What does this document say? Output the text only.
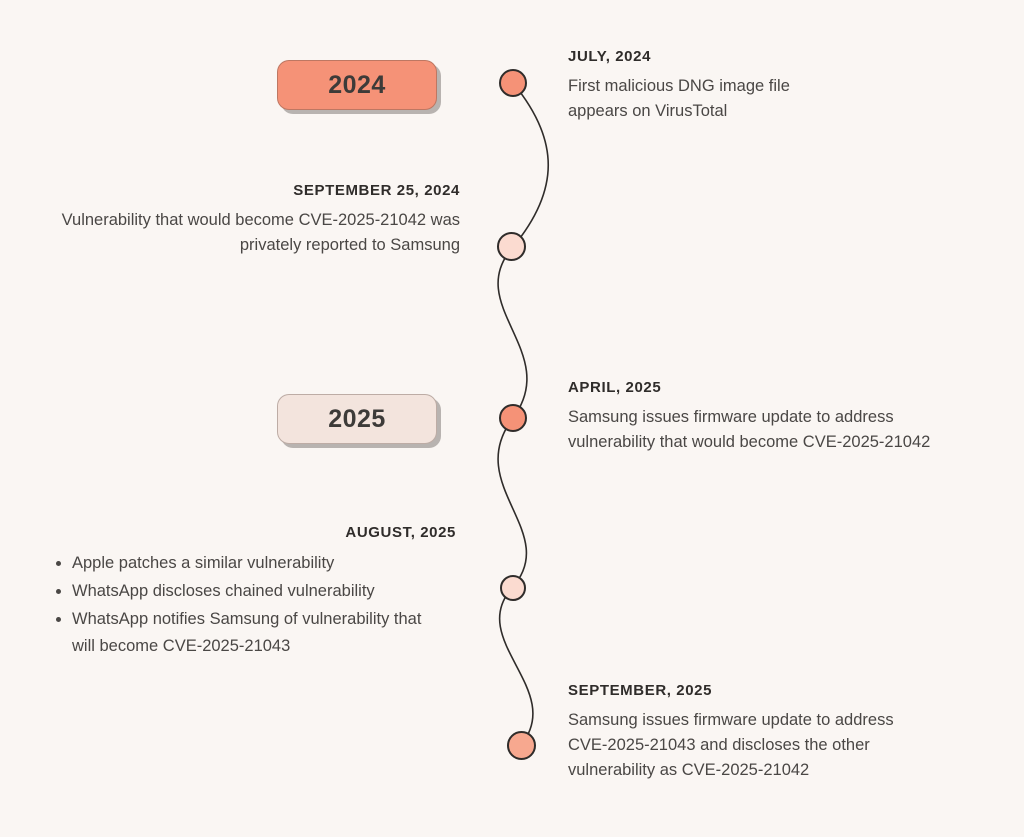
2024
2025
JULY, 2024
First malicious DNG image file appears on VirusTotal
SEPTEMBER 25, 2024
Vulnerability that would become CVE-2025-21042 was privately reported to Samsung
APRIL, 2025
Samsung issues firmware update to address vulnerability that would become CVE-2025-21042
AUGUST, 2025
• Apple patches a similar vulnerability
• WhatsApp discloses chained vulnerability
• WhatsApp notifies Samsung of vulnerability that will become CVE-2025-21043
SEPTEMBER, 2025
Samsung issues firmware update to address CVE-2025-21043 and discloses the other vulnerability as CVE-2025-21042
